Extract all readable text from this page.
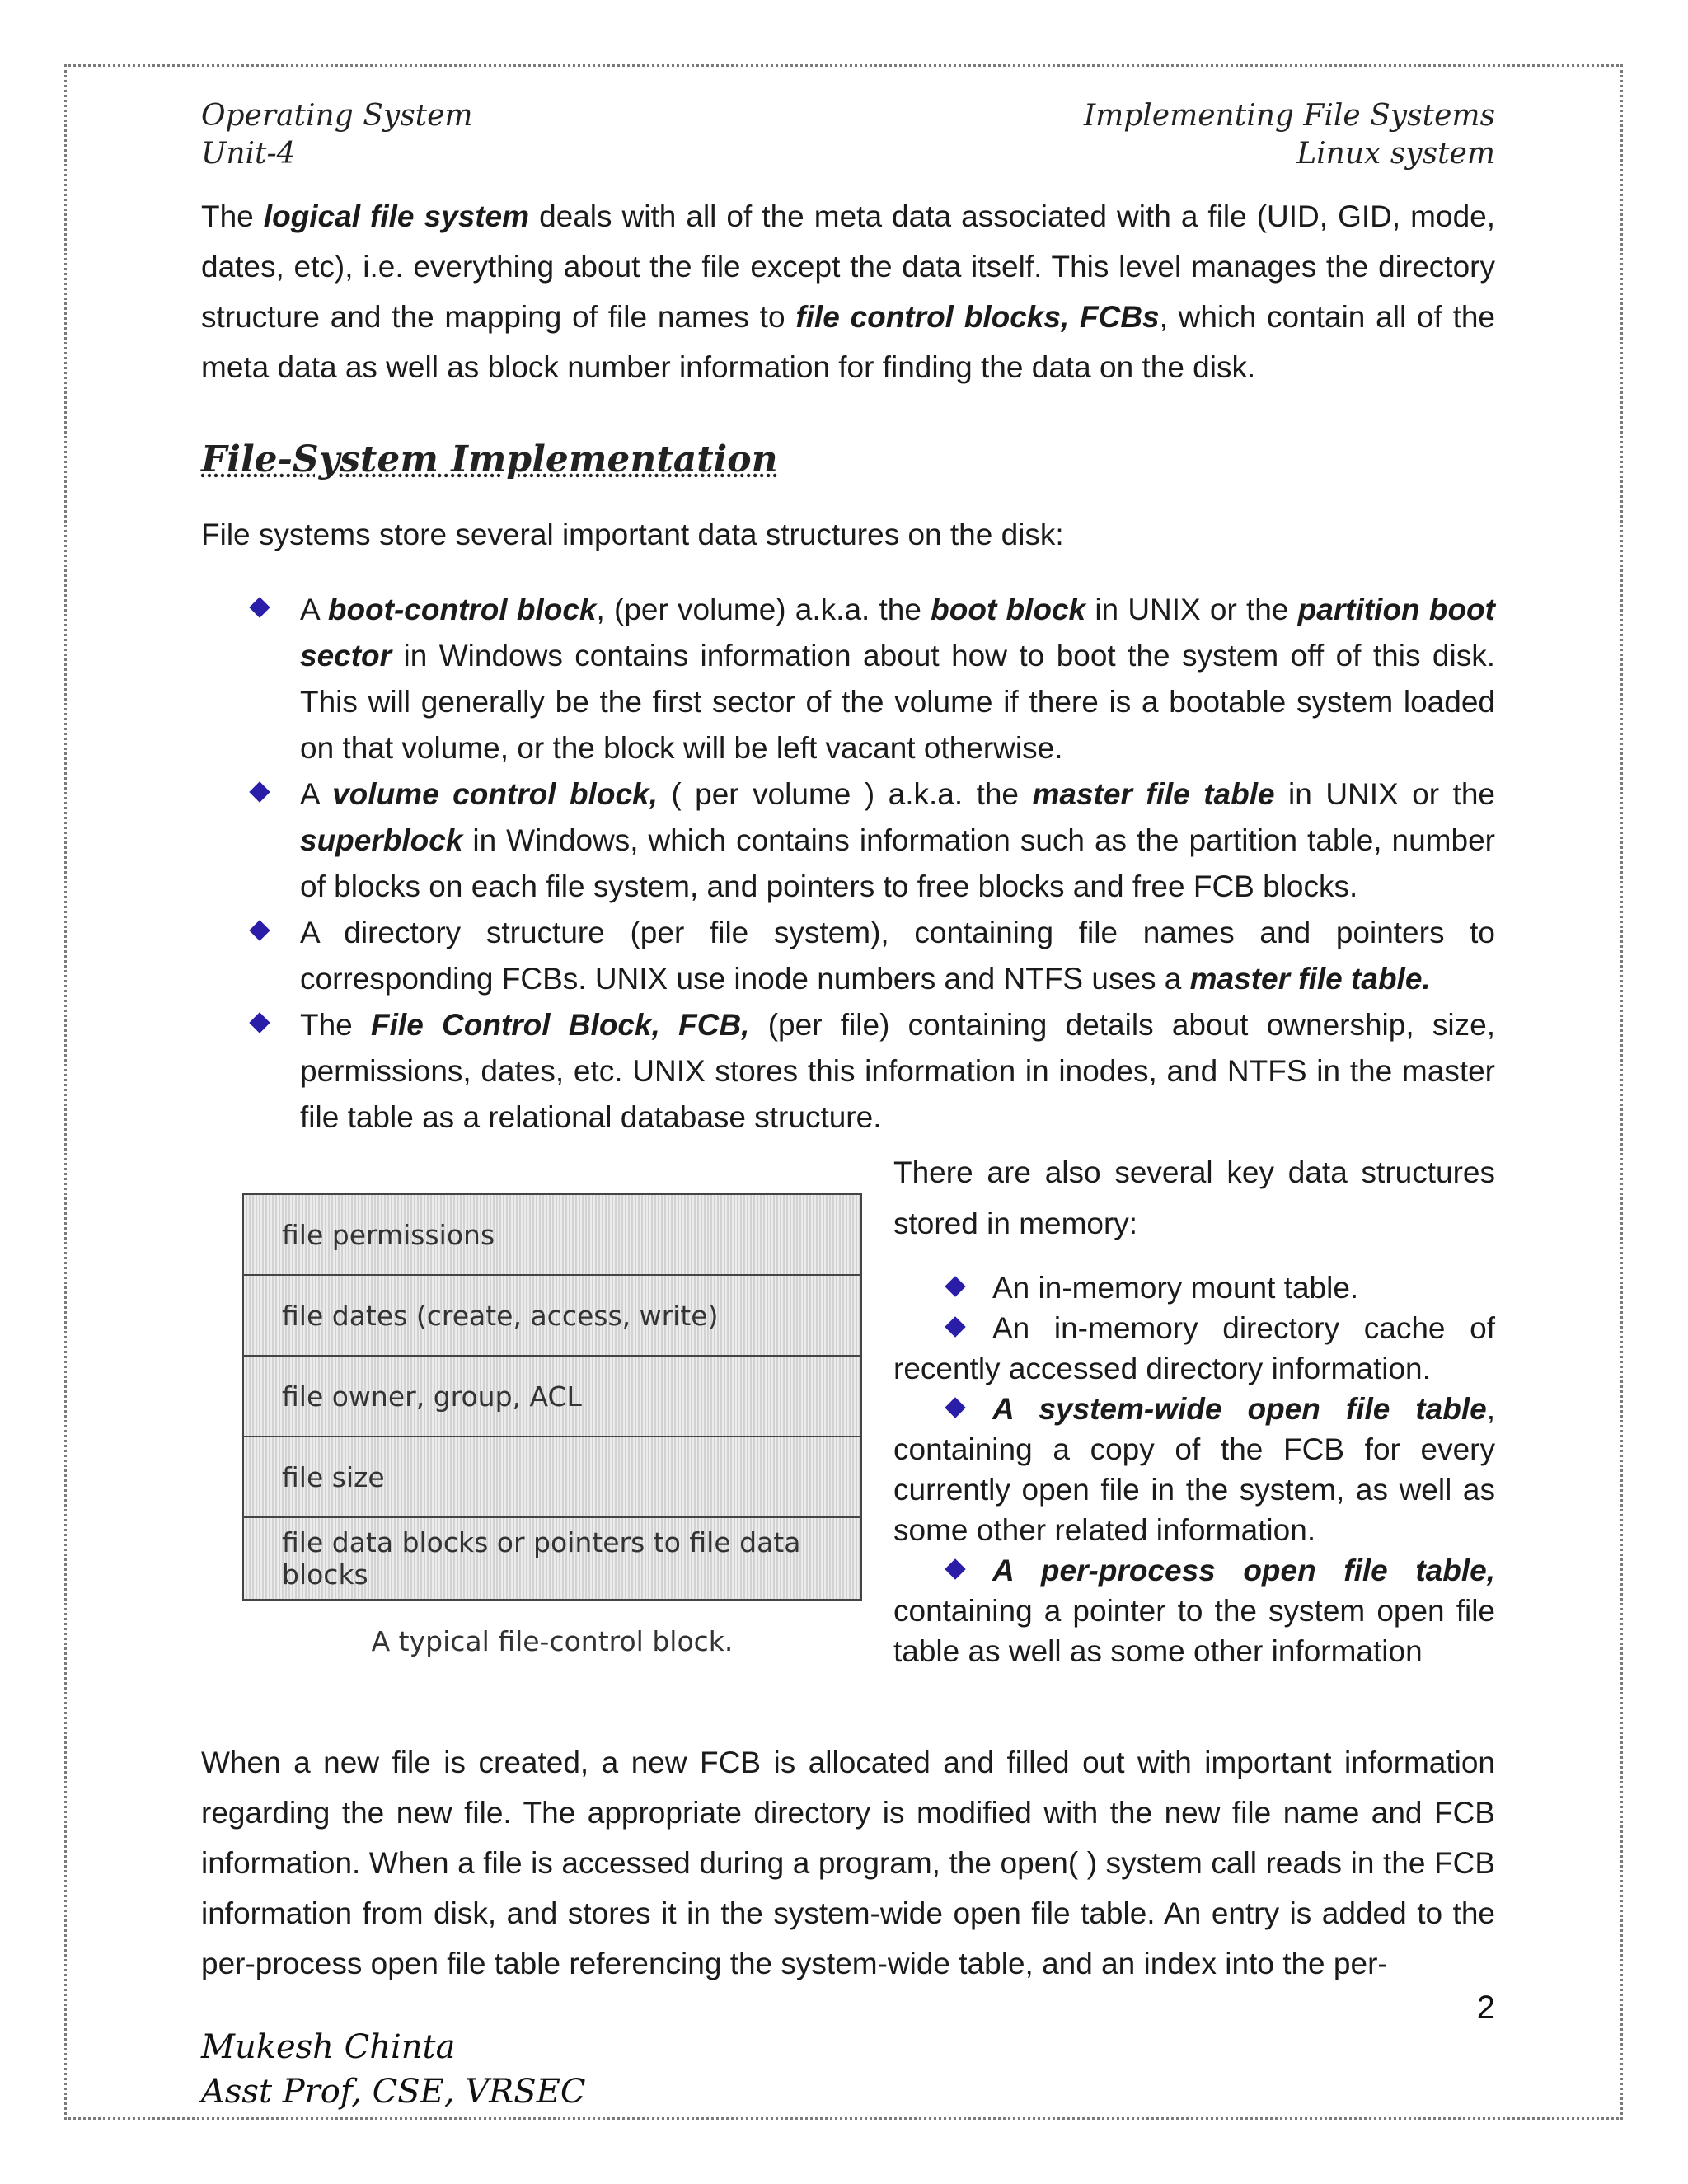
Operating System
Unit-4
Implementing File Systems
Linux system

The logical file system deals with all of the meta data associated with a file (UID, GID, mode, dates, etc), i.e. everything about the file except the data itself. This level manages the directory structure and the mapping of file names to file control blocks, FCBs, which contain all of the meta data as well as block number information for finding the data on the disk.

File-System Implementation

File systems store several important data structures on the disk:

A boot-control block, (per volume) a.k.a. the boot block in UNIX or the partition boot sector in Windows contains information about how to boot the system off of this disk. This will generally be the first sector of the volume if there is a bootable system loaded on that volume, or the block will be left vacant otherwise.
A volume control block, ( per volume ) a.k.a. the master file table in UNIX or the superblock in Windows, which contains information such as the partition table, number of blocks on each file system, and pointers to free blocks and free FCB blocks.
A directory structure (per file system), containing file names and pointers to corresponding FCBs. UNIX use inode numbers and NTFS uses a master file table.
The File Control Block, FCB, (per file) containing details about ownership, size, permissions, dates, etc. UNIX stores this information in inodes, and NTFS in the master file table as a relational database structure.
file permissions
file dates (create, access, write)
file owner, group, ACL
file size
file data blocks or pointers to file data blocks
A typical file-control block.
There are also several key data structures stored in memory:
An in-memory mount table.
An in-memory directory cache of recently accessed directory information.
A system-wide open file table, containing a copy of the FCB for every currently open file in the system, as well as some other related information.
A per-process open file table, containing a pointer to the system open file table as well as some other information

When a new file is created, a new FCB is allocated and filled out with important information regarding the new file. The appropriate directory is modified with the new file name and FCB information. When a file is accessed during a program, the open( ) system call reads in the FCB information from disk, and stores it in the system-wide open file table. An entry is added to the per-process open file table referencing the system-wide table, and an index into the per-

2
Mukesh Chinta
Asst Prof, CSE, VRSEC
